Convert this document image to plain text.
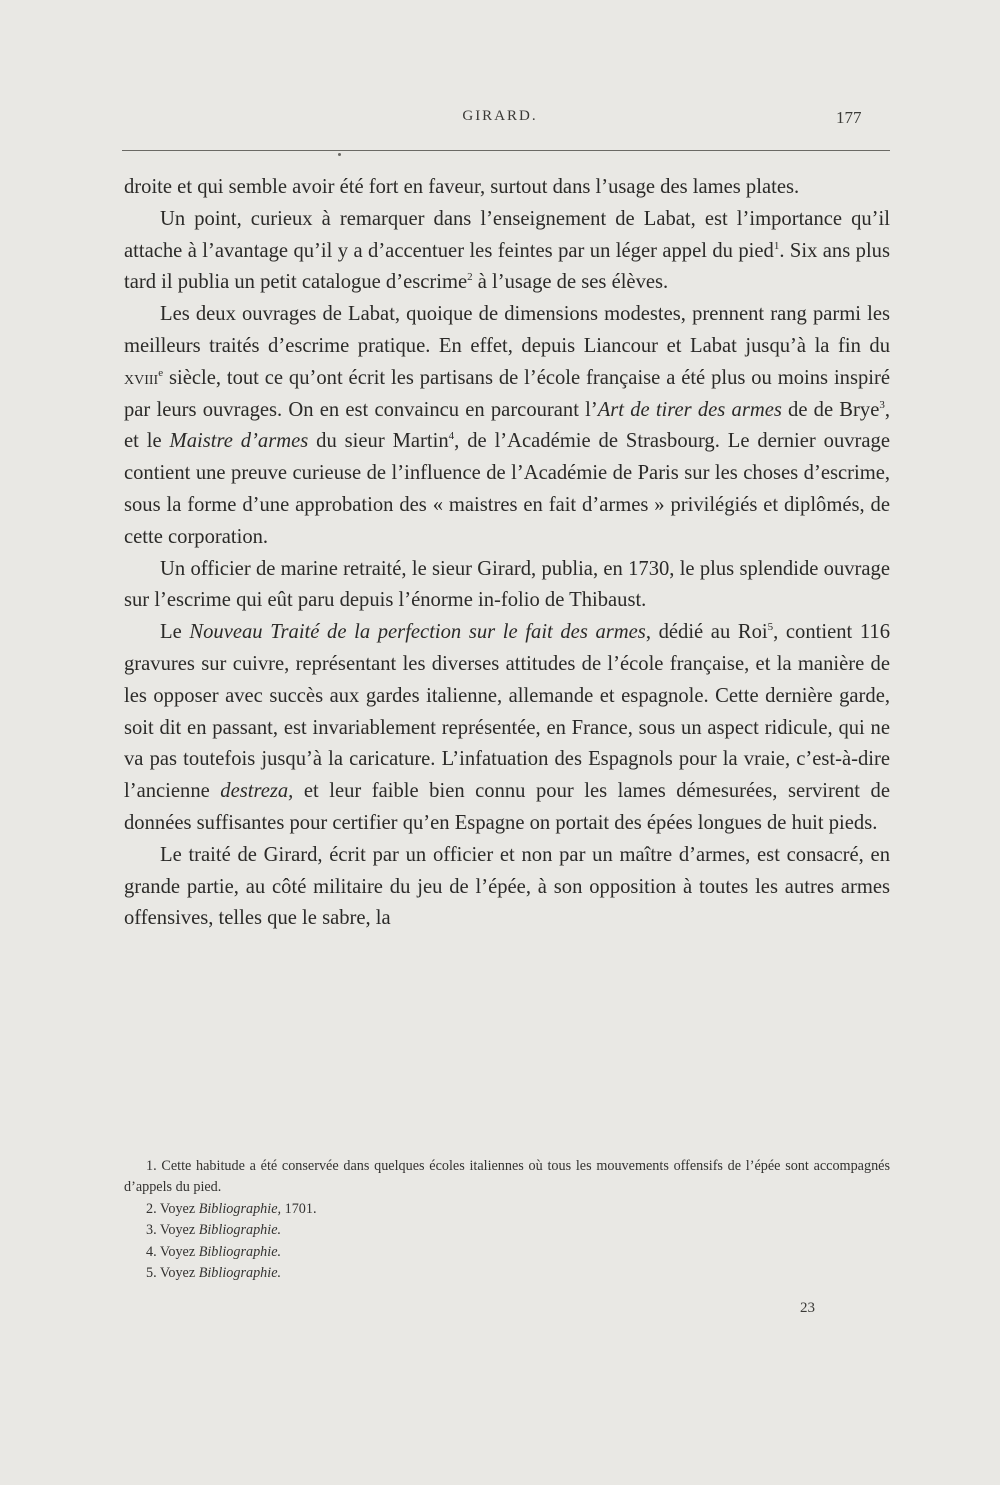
GIRARD.	177

droite et qui semble avoir été fort en faveur, surtout dans l’usage des lames plates.

Un point, curieux à remarquer dans l’enseignement de Labat, est l’importance qu’il attache à l’avantage qu’il y a d’accentuer les feintes par un léger appel du pied$^1$. Six ans plus tard il publia un petit catalogue d’escrime$^2$ à l’usage de ses élèves.

Les deux ouvrages de Labat, quoique de dimensions modestes, prennent rang parmi les meilleurs traités d’escrime pratique. En effet, depuis Liancour et Labat jusqu’à la fin du xviii$^e$ siècle, tout ce qu’ont écrit les partisans de l’école française a été plus ou moins inspiré par leurs ouvrages. On en est convaincu en parcourant l’Art de tirer des armes de de Brye$^3$, et le Maistre d’armes du sieur Martin$^4$, de l’Académie de Strasbourg. Le dernier ouvrage contient une preuve curieuse de l’influence de l’Académie de Paris sur les choses d’escrime, sous la forme d’une approbation des « maistres en fait d’armes » privilégiés et diplômés, de cette corporation.

Un officier de marine retraité, le sieur Girard, publia, en 1730, le plus splendide ouvrage sur l’escrime qui eût paru depuis l’énorme in-folio de Thibaust.

Le Nouveau Traité de la perfection sur le fait des armes, dédié au Roi$^5$, contient 116 gravures sur cuivre, représentant les diverses attitudes de l’école française, et la manière de les opposer avec succès aux gardes italienne, allemande et espagnole. Cette dernière garde, soit dit en passant, est invariablement représentée, en France, sous un aspect ridicule, qui ne va pas toutefois jusqu’à la caricature. L’infatuation des Espagnols pour la vraie, c’est-à-dire l’ancienne destreza, et leur faible bien connu pour les lames démesurées, servirent de données suffisantes pour certifier qu’en Espagne on portait des épées longues de huit pieds.

Le traité de Girard, écrit par un officier et non par un maître d’armes, est consacré, en grande partie, au côté militaire du jeu de l’épée, à son opposition à toutes les autres armes offensives, telles que le sabre, la

1. Cette habitude a été conservée dans quelques écoles italiennes où tous les mouvements offensifs de l’épée sont accompagnés d’appels du pied.

2. Voyez Bibliographie, 1701.

3. Voyez Bibliographie.

4. Voyez Bibliographie.

5. Voyez Bibliographie.

23
